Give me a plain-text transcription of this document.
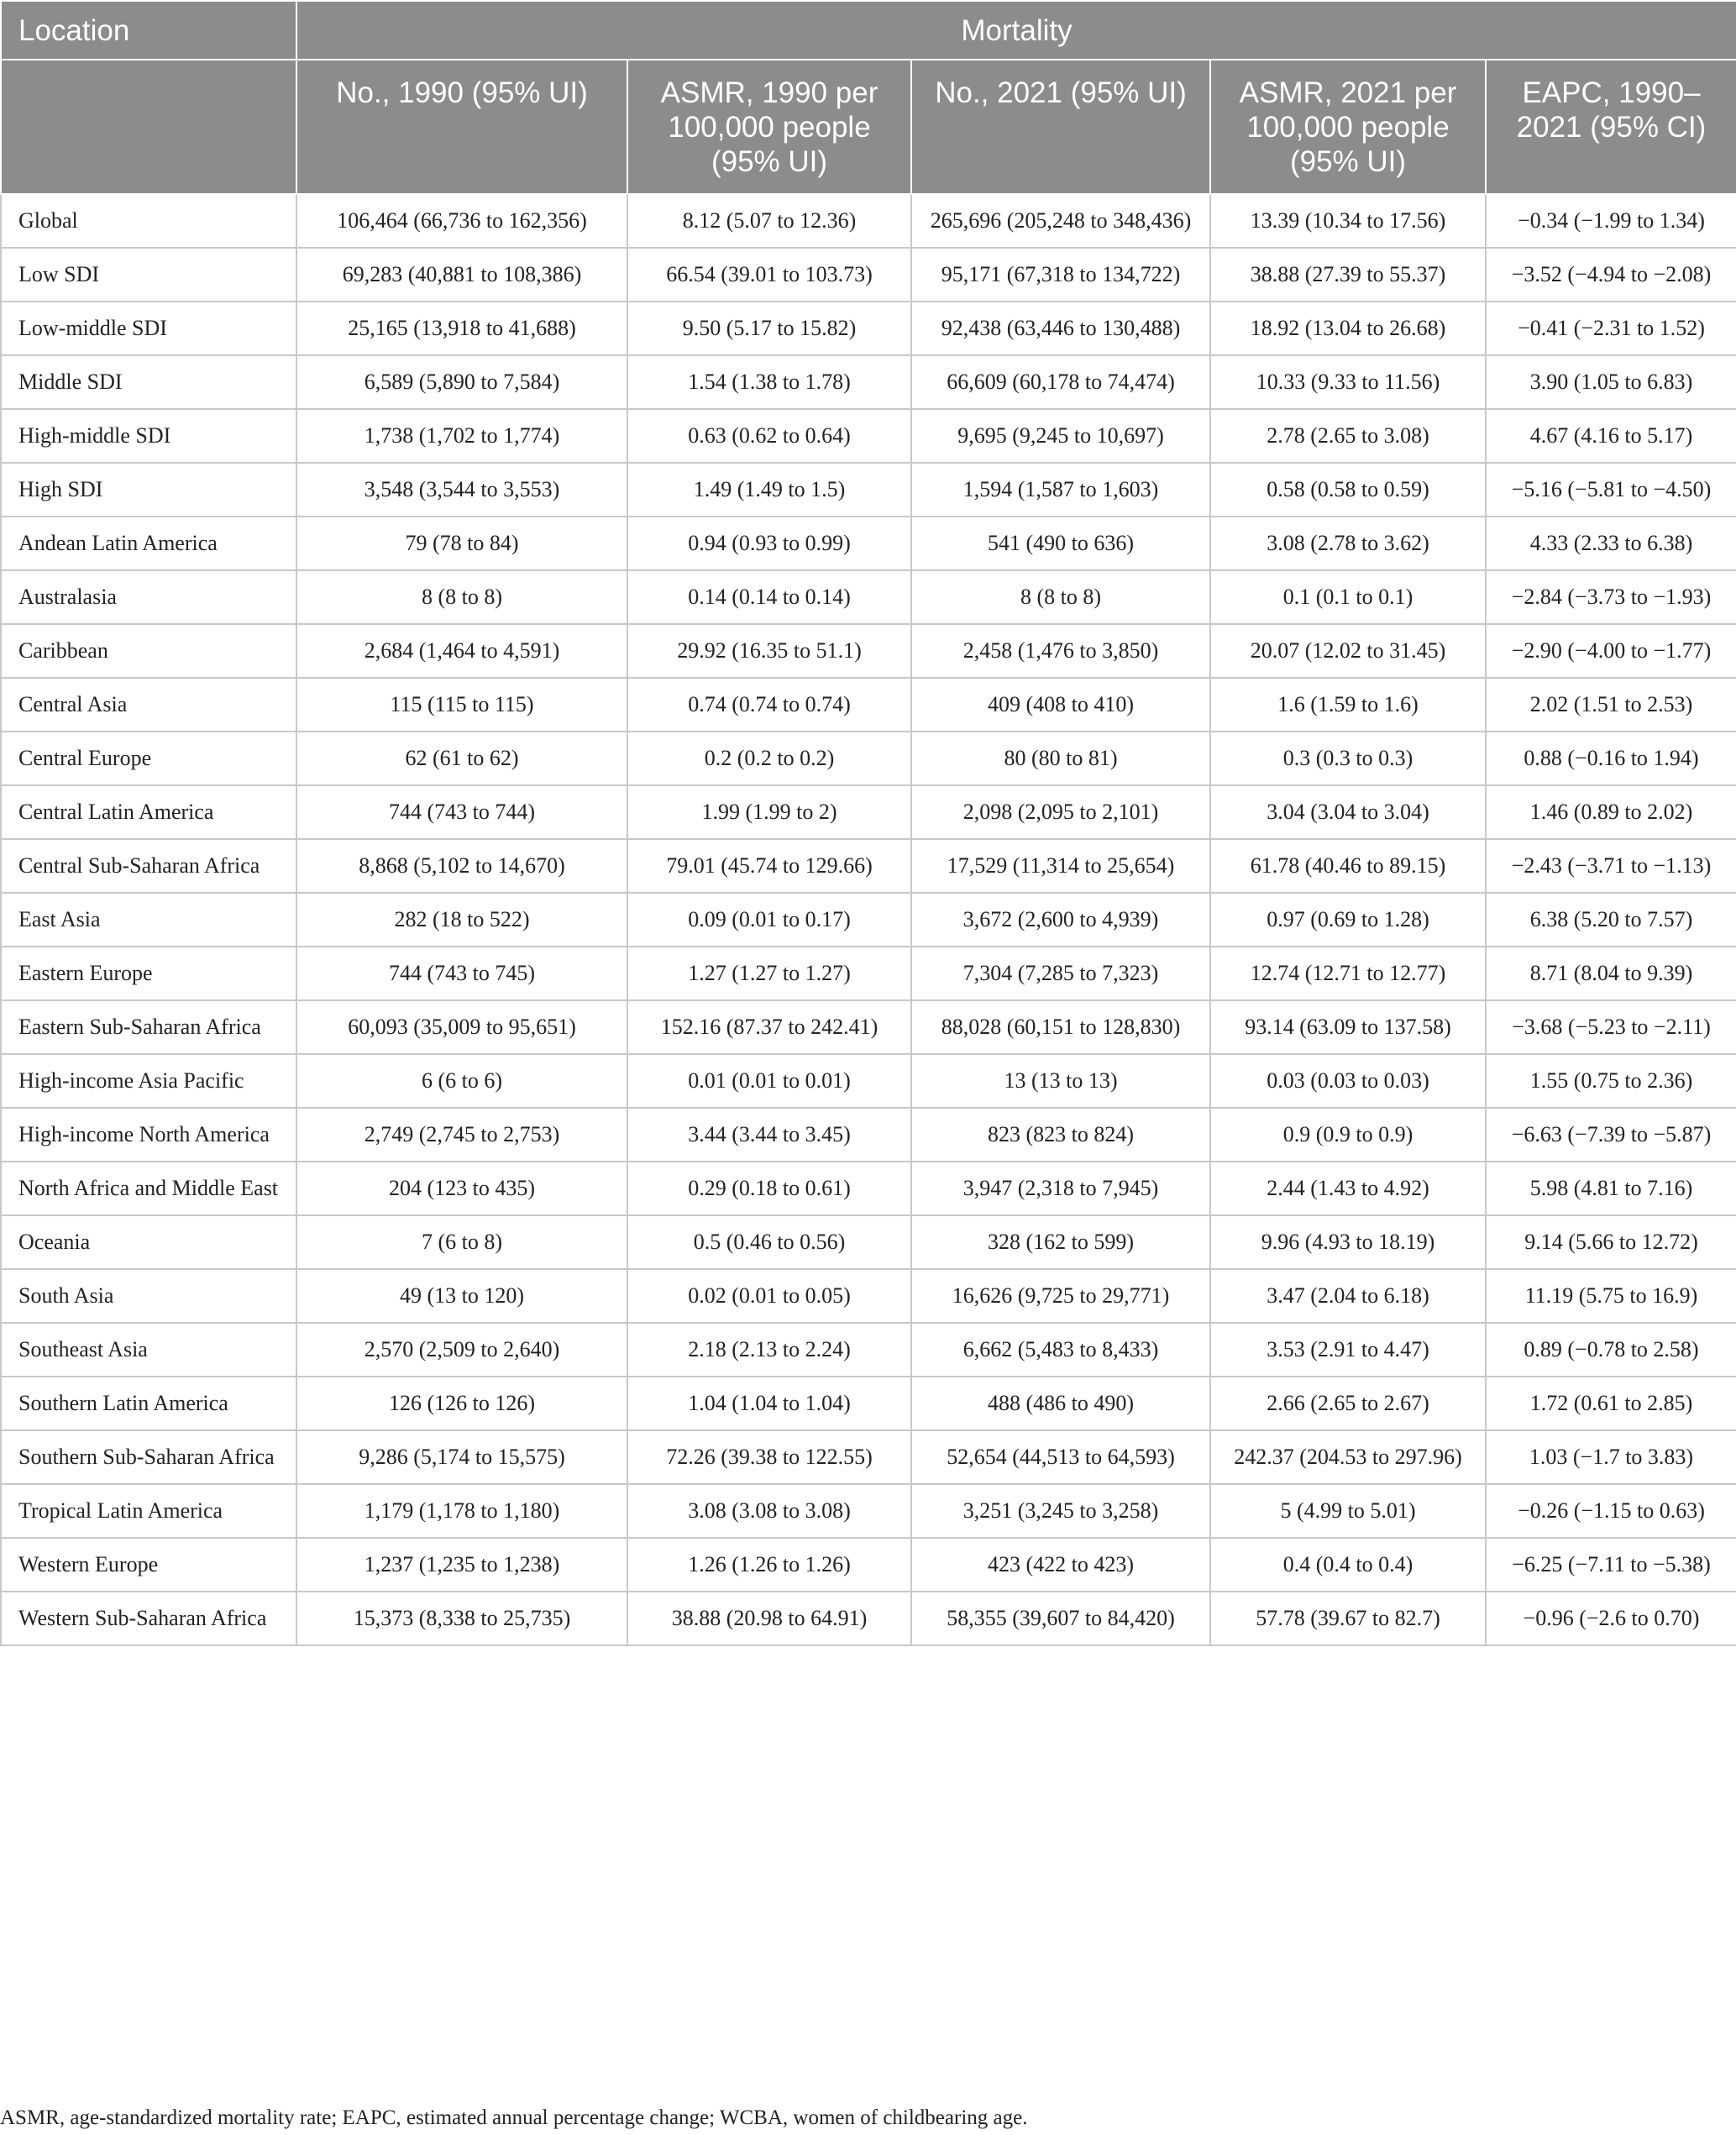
Location	Mortality				
	No., 1990 (95% UI)	ASMR, 1990 per 100,000 people (95% UI)	No., 2021 (95% UI)	ASMR, 2021 per 100,000 people (95% UI)	EAPC, 1990–2021 (95% CI)
Global	106,464 (66,736 to 162,356)	8.12 (5.07 to 12.36)	265,696 (205,248 to 348,436)	13.39 (10.34 to 17.56)	−0.34 (−1.99 to 1.34)
Low SDI	69,283 (40,881 to 108,386)	66.54 (39.01 to 103.73)	95,171 (67,318 to 134,722)	38.88 (27.39 to 55.37)	−3.52 (−4.94 to −2.08)
Low-middle SDI	25,165 (13,918 to 41,688)	9.50 (5.17 to 15.82)	92,438 (63,446 to 130,488)	18.92 (13.04 to 26.68)	−0.41 (−2.31 to 1.52)
Middle SDI	6,589 (5,890 to 7,584)	1.54 (1.38 to 1.78)	66,609 (60,178 to 74,474)	10.33 (9.33 to 11.56)	3.90 (1.05 to 6.83)
High-middle SDI	1,738 (1,702 to 1,774)	0.63 (0.62 to 0.64)	9,695 (9,245 to 10,697)	2.78 (2.65 to 3.08)	4.67 (4.16 to 5.17)
High SDI	3,548 (3,544 to 3,553)	1.49 (1.49 to 1.5)	1,594 (1,587 to 1,603)	0.58 (0.58 to 0.59)	−5.16 (−5.81 to −4.50)
Andean Latin America	79 (78 to 84)	0.94 (0.93 to 0.99)	541 (490 to 636)	3.08 (2.78 to 3.62)	4.33 (2.33 to 6.38)
Australasia	8 (8 to 8)	0.14 (0.14 to 0.14)	8 (8 to 8)	0.1 (0.1 to 0.1)	−2.84 (−3.73 to −1.93)
Caribbean	2,684 (1,464 to 4,591)	29.92 (16.35 to 51.1)	2,458 (1,476 to 3,850)	20.07 (12.02 to 31.45)	−2.90 (−4.00 to −1.77)
Central Asia	115 (115 to 115)	0.74 (0.74 to 0.74)	409 (408 to 410)	1.6 (1.59 to 1.6)	2.02 (1.51 to 2.53)
Central Europe	62 (61 to 62)	0.2 (0.2 to 0.2)	80 (80 to 81)	0.3 (0.3 to 0.3)	0.88 (−0.16 to 1.94)
Central Latin America	744 (743 to 744)	1.99 (1.99 to 2)	2,098 (2,095 to 2,101)	3.04 (3.04 to 3.04)	1.46 (0.89 to 2.02)
Central Sub-Saharan Africa	8,868 (5,102 to 14,670)	79.01 (45.74 to 129.66)	17,529 (11,314 to 25,654)	61.78 (40.46 to 89.15)	−2.43 (−3.71 to −1.13)
East Asia	282 (18 to 522)	0.09 (0.01 to 0.17)	3,672 (2,600 to 4,939)	0.97 (0.69 to 1.28)	6.38 (5.20 to 7.57)
Eastern Europe	744 (743 to 745)	1.27 (1.27 to 1.27)	7,304 (7,285 to 7,323)	12.74 (12.71 to 12.77)	8.71 (8.04 to 9.39)
Eastern Sub-Saharan Africa	60,093 (35,009 to 95,651)	152.16 (87.37 to 242.41)	88,028 (60,151 to 128,830)	93.14 (63.09 to 137.58)	−3.68 (−5.23 to −2.11)
High-income Asia Pacific	6 (6 to 6)	0.01 (0.01 to 0.01)	13 (13 to 13)	0.03 (0.03 to 0.03)	1.55 (0.75 to 2.36)
High-income North America	2,749 (2,745 to 2,753)	3.44 (3.44 to 3.45)	823 (823 to 824)	0.9 (0.9 to 0.9)	−6.63 (−7.39 to −5.87)
North Africa and Middle East	204 (123 to 435)	0.29 (0.18 to 0.61)	3,947 (2,318 to 7,945)	2.44 (1.43 to 4.92)	5.98 (4.81 to 7.16)
Oceania	7 (6 to 8)	0.5 (0.46 to 0.56)	328 (162 to 599)	9.96 (4.93 to 18.19)	9.14 (5.66 to 12.72)
South Asia	49 (13 to 120)	0.02 (0.01 to 0.05)	16,626 (9,725 to 29,771)	3.47 (2.04 to 6.18)	11.19 (5.75 to 16.9)
Southeast Asia	2,570 (2,509 to 2,640)	2.18 (2.13 to 2.24)	6,662 (5,483 to 8,433)	3.53 (2.91 to 4.47)	0.89 (−0.78 to 2.58)
Southern Latin America	126 (126 to 126)	1.04 (1.04 to 1.04)	488 (486 to 490)	2.66 (2.65 to 2.67)	1.72 (0.61 to 2.85)
Southern Sub-Saharan Africa	9,286 (5,174 to 15,575)	72.26 (39.38 to 122.55)	52,654 (44,513 to 64,593)	242.37 (204.53 to 297.96)	1.03 (−1.7 to 3.83)
Tropical Latin America	1,179 (1,178 to 1,180)	3.08 (3.08 to 3.08)	3,251 (3,245 to 3,258)	5 (4.99 to 5.01)	−0.26 (−1.15 to 0.63)
Western Europe	1,237 (1,235 to 1,238)	1.26 (1.26 to 1.26)	423 (422 to 423)	0.4 (0.4 to 0.4)	−6.25 (−7.11 to −5.38)
Western Sub-Saharan Africa	15,373 (8,338 to 25,735)	38.88 (20.98 to 64.91)	58,355 (39,607 to 84,420)	57.78 (39.67 to 82.7)	−0.96 (−2.6 to 0.70)
ASMR, age-standardized mortality rate; EAPC, estimated annual percentage change; WCBA, women of childbearing age.
